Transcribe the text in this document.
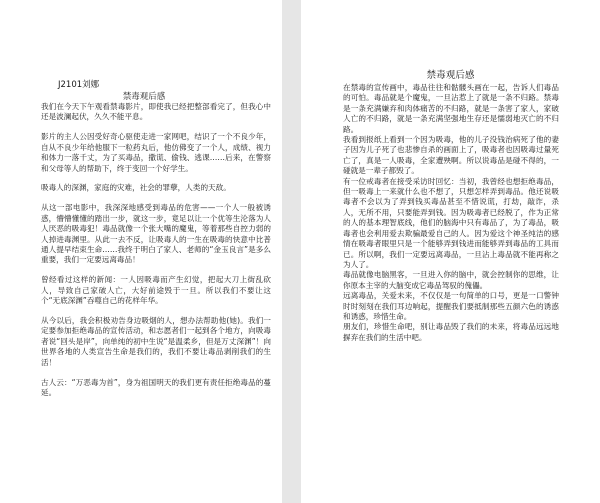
J2101刘娜
禁毒观后感

我们在今天下午观看禁毒影片，即使我已经把整部看完了，但我心中还是波澜起伏，久久不能平息。

影片的主人公因受好奇心驱使走进一家网吧，结识了一个不良少年，自从不良少年给他服下一粒药丸后，他仿佛变了一个人，成绩、视力和体力一落千丈，为了买毒品，撒谎、偷钱、逃课……后来，在警察和父母等人的帮助下，终于变回一个好学生。

吸毒人的深渊，家庭的灾难，社会的罪孽，人类的天敌。

从这一部电影中，我深深地感受到毒品的危害——一个人一般被诱惑，懵懵懂懂的踏出一步，就这一步，竟足以让一个优等生沦落为人人厌恶的吸毒犯！毒品就像一个张大嘴的魔鬼，等着那些自控力弱的人掉进毒渊里。从此一去不反，让吸毒人的一生在吸毒的快意中比普通人提早结束生命……我终于明白了家人、老师的“金玉良言”是多么重要，我们一定要远离毒品！

曾经看过这样的新闻：一人因吸毒而产生幻觉，把起大刀上街乱砍人，导致自己家破人亡，大好前途毁于一旦。所以我们不要让这个“无底深渊”吞噬自己的花样年华。

从今以后，我会积极劝告身边吸烟的人，想办法帮助他(她)。我们一定要参加拒绝毒品的宣传活动，和志愿者们一起到各个地方，向吸毒者说“回头是岸”，向单纯的初中生说“是温柔乡，但是万丈深渊”！向世界各地的人类宣告生命是我们的，我们不要让毒品剥削我们的生活！

古人云：“万恶毒为首”，身为祖国明天的我们更有责任拒绝毒品的蔓延。

禁毒观后感

在禁毒的宣传画中，毒品往往和骷髅头画在一起，告诉人们毒品的可怕。毒品就是个魔鬼，一旦沾惹上了就是一条不归路。禁毒是一条充满嫌弃和肉体痛苦的不归路，就是一条害了家人，家破人亡的不归路，就是一条充满坚强地生存还是懦弱地灭亡的不归路。

我看到报纸上看到一个因为吸毒，他的儿子没钱治病死了他的妻子因为儿子死了也悲惨自杀的画面上了，吸毒者也因吸毒过量死亡了，真是一人吸毒，全家遭殃啊。所以说毒品是碰不得的，一碰就是一辈子都毁了。

有一位戒毒者在接受采访时回忆：当初，我曾经也想拒绝毒品，但一吸毒上一来就什么也不想了，只想怎样弄到毒品。他还说吸毒者不会以为了弄到钱买毒品甚至不惜说谎，打劫，敲诈，杀人，无所不用，只要能弄到钱。因为吸毒者已经脱了，作为正常的人的基本理智底线，他们的脑海中只有毒品了，为了毒品，吸毒者也会利用爱去欺骗最爱自己的人。因为爱这个神圣纯洁的感情在吸毒者眼里只是一个能够弄到钱进而能够弄到毒品的工具而已。所以啊，我们一定要远离毒品，一旦沾上毒品就不能再称之为人了。

毒品就像电脑黑客，一旦进入你的脑中，就会控制你的思维，让你原本主宰的大脑变成它毒品驾驭的傀儡。

远离毒品，关爱未来，不仅仅是一句简单的口号，更是一口警钟时时刻刻在我们耳边响起，提醒我们要抵制那些五颜六色的诱惑和诱惑，珍惜生命。

朋友们，珍惜生命吧，别让毒品毁了我们的未来，将毒品远远地摒弃在我们的生活中吧。
